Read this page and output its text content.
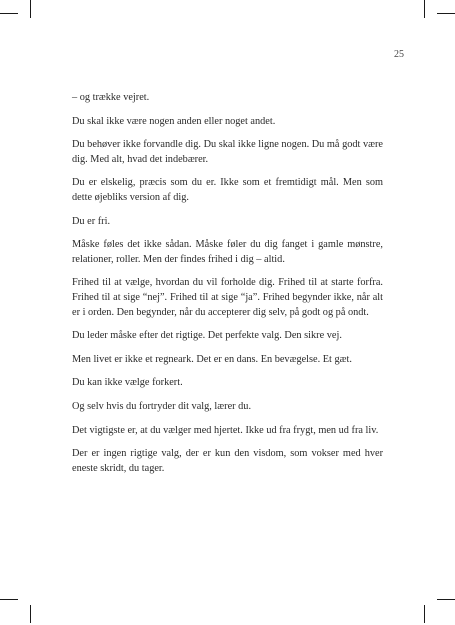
25

– og trække vejret.

Du skal ikke være nogen anden eller noget andet.

Du behøver ikke forvandle dig. Du skal ikke ligne nogen. Du må godt være dig. Med alt, hvad det indebærer.

Du er elskelig, præcis som du er. Ikke som et fremtidigt mål. Men som dette øjebliks version af dig.

Du er fri.

Måske føles det ikke sådan. Måske føler du dig fanget i gamle mønstre, relationer, roller. Men der findes frihed i dig – altid.

Frihed til at vælge, hvordan du vil forholde dig. Frihed til at starte forfra. Frihed til at sige “nej”. Frihed til at sige “ja”. Frihed begynder ikke, når alt er i orden. Den begynder, når du accepterer dig selv, på godt og på ondt.

Du leder måske efter det rigtige. Det perfekte valg. Den sikre vej.

Men livet er ikke et regneark. Det er en dans. En bevægelse. Et gæt.

Du kan ikke vælge forkert.

Og selv hvis du fortryder dit valg, lærer du.

Det vigtigste er, at du vælger med hjertet. Ikke ud fra frygt, men ud fra liv.

Der er ingen rigtige valg, der er kun den visdom, som vokser med hver eneste skridt, du tager.
